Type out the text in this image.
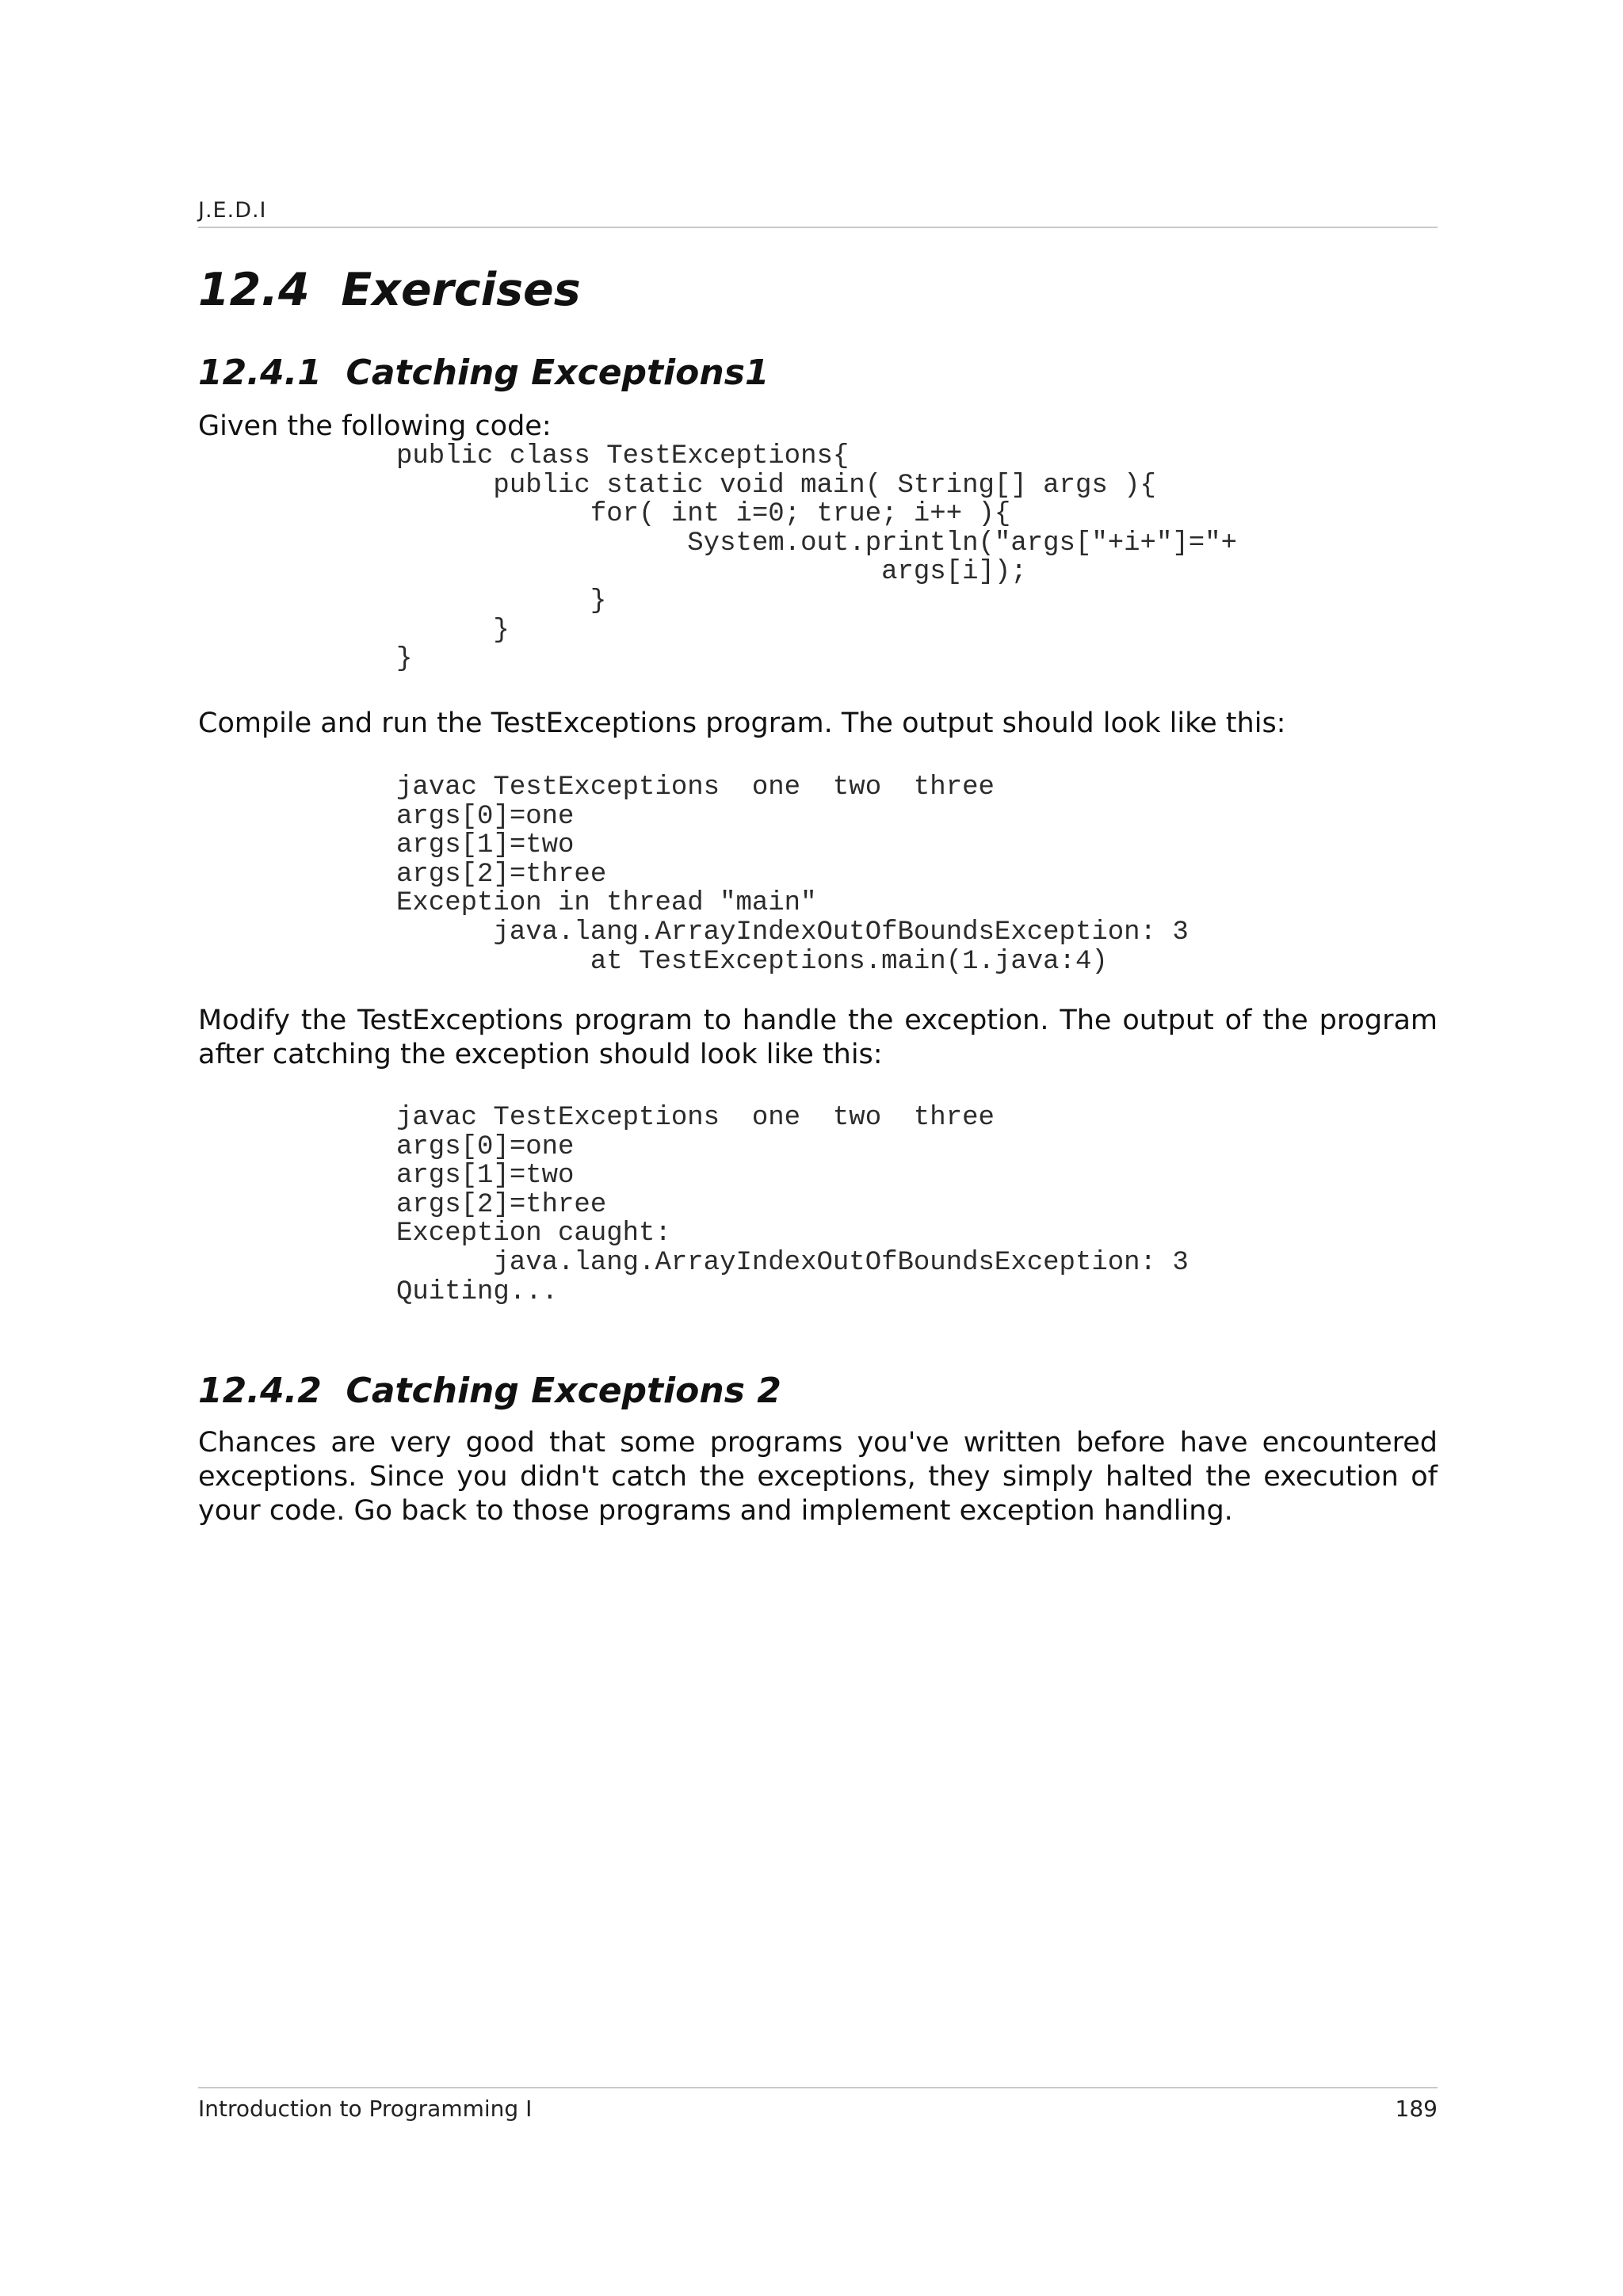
J.E.D.I
12.4  Exercises
12.4.1  Catching Exceptions1

Given the following code:

public class TestExceptions{
public static void main( String[] args ){
for( int i=0; true; i++ ){
System.out.println("args["+i+"]="+
args[i]);
}
}
}

Compile and run the TestExceptions program. The output should look like this:

javac TestExceptions  one  two  three
args[0]=one
args[1]=two
args[2]=three
Exception in thread "main"
java.lang.ArrayIndexOutOfBoundsException: 3
at TestExceptions.main(1.java:4)

Modify the TestExceptions program to handle the exception. The output of the program after catching the exception should look like this:

javac TestExceptions  one  two  three
args[0]=one
args[1]=two
args[2]=three
Exception caught:
java.lang.ArrayIndexOutOfBoundsException: 3
Quiting...
12.4.2  Catching Exceptions 2

Chances are very good that some programs you've written before have encountered exceptions. Since you didn't catch the exceptions, they simply halted the execution of your code. Go back to those programs and implement exception handling.

Introduction to Programming I	189
